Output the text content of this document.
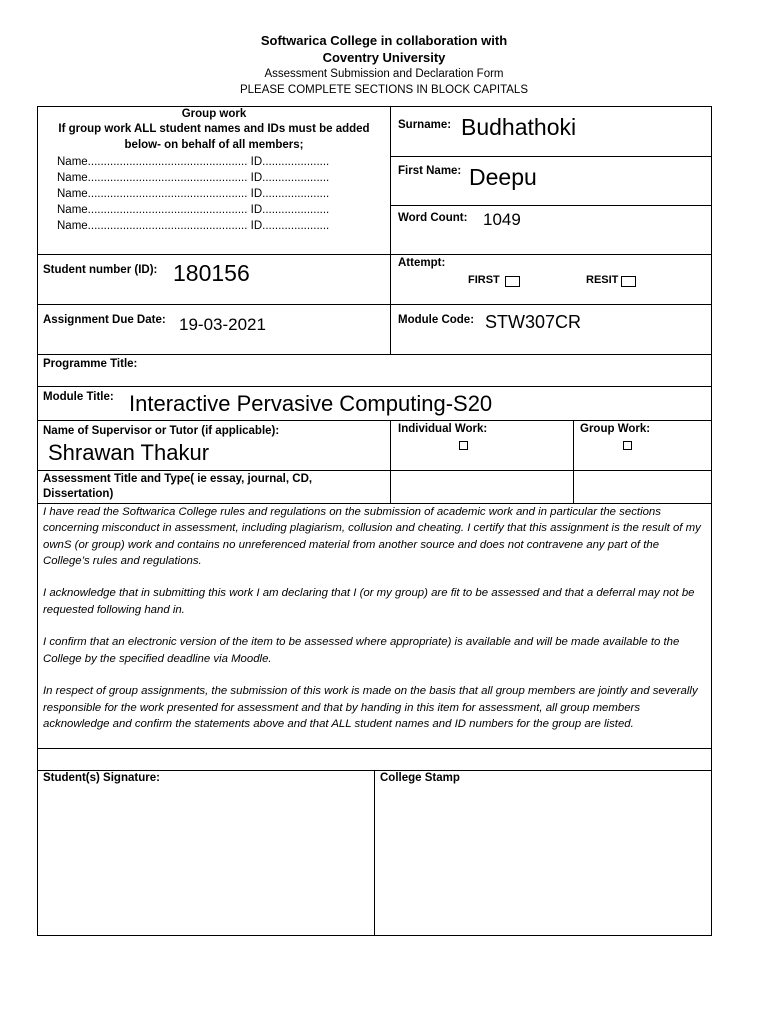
Softwarica College in collaboration with
Coventry University
Assessment Submission and Declaration Form
PLEASE COMPLETE SECTIONS IN BLOCK CAPITALS
Group work
If group work ALL student names and IDs must be added
below- on behalf of all members;
Name.................................................. ID.....................
Name.................................................. ID.....................
Name.................................................. ID.....................
Name.................................................. ID.....................
Name.................................................. ID.....................
Surname: Budhathoki
First Name: Deepu
Word Count: 1049
Student number (ID): 180156	Attempt:
FIRST	RESIT
Assignment Due Date: 19-03-2021	Module Code: STW307CR
Programme Title:
Module Title: Interactive Pervasive Computing-S20
Name of Supervisor or Tutor (if applicable):
Shrawan Thakur
Individual Work:	Group Work:
Assessment Title and Type( ie essay, journal, CD,
Dissertation)

I have read the Softwarica College rules and regulations on the submission of academic work and in particular the sections concerning misconduct in assessment, including plagiarism, collusion and cheating. I certify that this assignment is the result of my ownS (or group) work and contains no unreferenced material from another source and does not contravene any part of the College’s rules and regulations.

I acknowledge that in submitting this work I am declaring that I (or my group) are fit to be assessed and that a deferral may not be requested following hand in.

I confirm that an electronic version of the item to be assessed where appropriate) is available and will be made available to the College by the specified deadline via Moodle.

In respect of group assignments, the submission of this work is made on the basis that all group members are jointly and severally responsible for the work presented for assessment and that by handing in this item for assessment, all group members acknowledge and confirm the statements above and that ALL student names and ID numbers for the group are listed.

Student(s) Signature:	College Stamp
